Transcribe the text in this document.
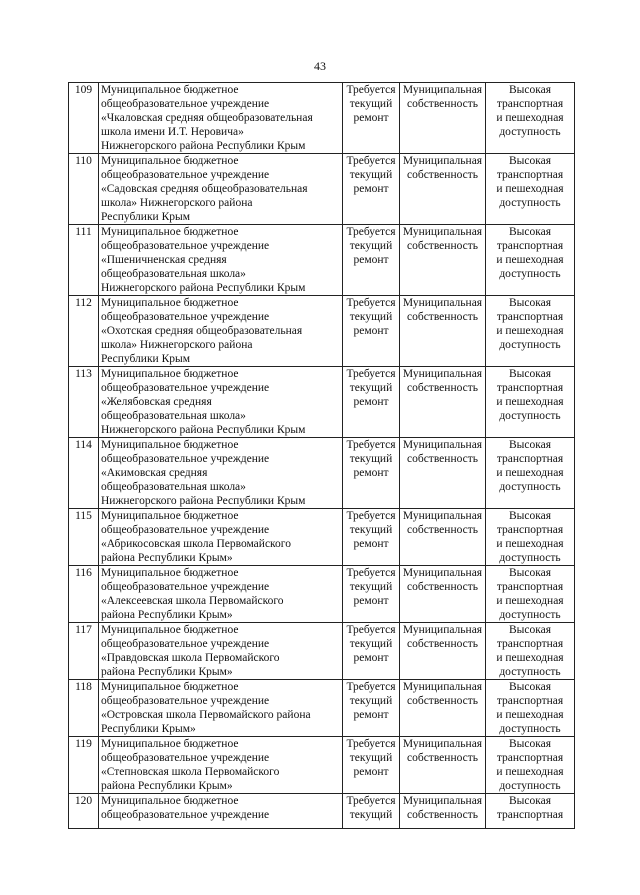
43
109	Муниципальное бюджетное
общеобразовательное учреждение
«Чкаловская средняя общеобразовательная
школа имени И.Т. Неровича»
Нижнегорского района Республики Крым	Требуется
текущий
ремонт	Муниципальная
собственность	Высокая
транспортная
и пешеходная
доступность
110	Муниципальное бюджетное
общеобразовательное учреждение
«Садовская средняя общеобразовательная
школа» Нижнегорского района
Республики Крым	Требуется
текущий
ремонт	Муниципальная
собственность	Высокая
транспортная
и пешеходная
доступность
111	Муниципальное бюджетное
общеобразовательное учреждение
«Пшеничненская средняя
общеобразовательная школа»
Нижнегорского района Республики Крым	Требуется
текущий
ремонт	Муниципальная
собственность	Высокая
транспортная
и пешеходная
доступность
112	Муниципальное бюджетное
общеобразовательное учреждение
«Охотская средняя общеобразовательная
школа» Нижнегорского района
Республики Крым	Требуется
текущий
ремонт	Муниципальная
собственность	Высокая
транспортная
и пешеходная
доступность
113	Муниципальное бюджетное
общеобразовательное учреждение
«Желябовская средняя
общеобразовательная школа»
Нижнегорского района Республики Крым	Требуется
текущий
ремонт	Муниципальная
собственность	Высокая
транспортная
и пешеходная
доступность
114	Муниципальное бюджетное
общеобразовательное учреждение
«Акимовская средняя
общеобразовательная школа»
Нижнегорского района Республики Крым	Требуется
текущий
ремонт	Муниципальная
собственность	Высокая
транспортная
и пешеходная
доступность
115	Муниципальное бюджетное
общеобразовательное учреждение
«Абрикосовская школа Первомайского
района Республики Крым»	Требуется
текущий
ремонт	Муниципальная
собственность	Высокая
транспортная
и пешеходная
доступность
116	Муниципальное бюджетное
общеобразовательное учреждение
«Алексеевская школа Первомайского
района Республики Крым»	Требуется
текущий
ремонт	Муниципальная
собственность	Высокая
транспортная
и пешеходная
доступность
117	Муниципальное бюджетное
общеобразовательное учреждение
«Правдовская школа Первомайского
района Республики Крым»	Требуется
текущий
ремонт	Муниципальная
собственность	Высокая
транспортная
и пешеходная
доступность
118	Муниципальное бюджетное
общеобразовательное учреждение
«Островская школа Первомайского района
Республики Крым»	Требуется
текущий
ремонт	Муниципальная
собственность	Высокая
транспортная
и пешеходная
доступность
119	Муниципальное бюджетное
общеобразовательное учреждение
«Степновская школа Первомайского
района Республики Крым»	Требуется
текущий
ремонт	Муниципальная
собственность	Высокая
транспортная
и пешеходная
доступность
120	Муниципальное бюджетное
общеобразовательное учреждение	Требуется
текущий	Муниципальная
собственность	Высокая
транспортная
